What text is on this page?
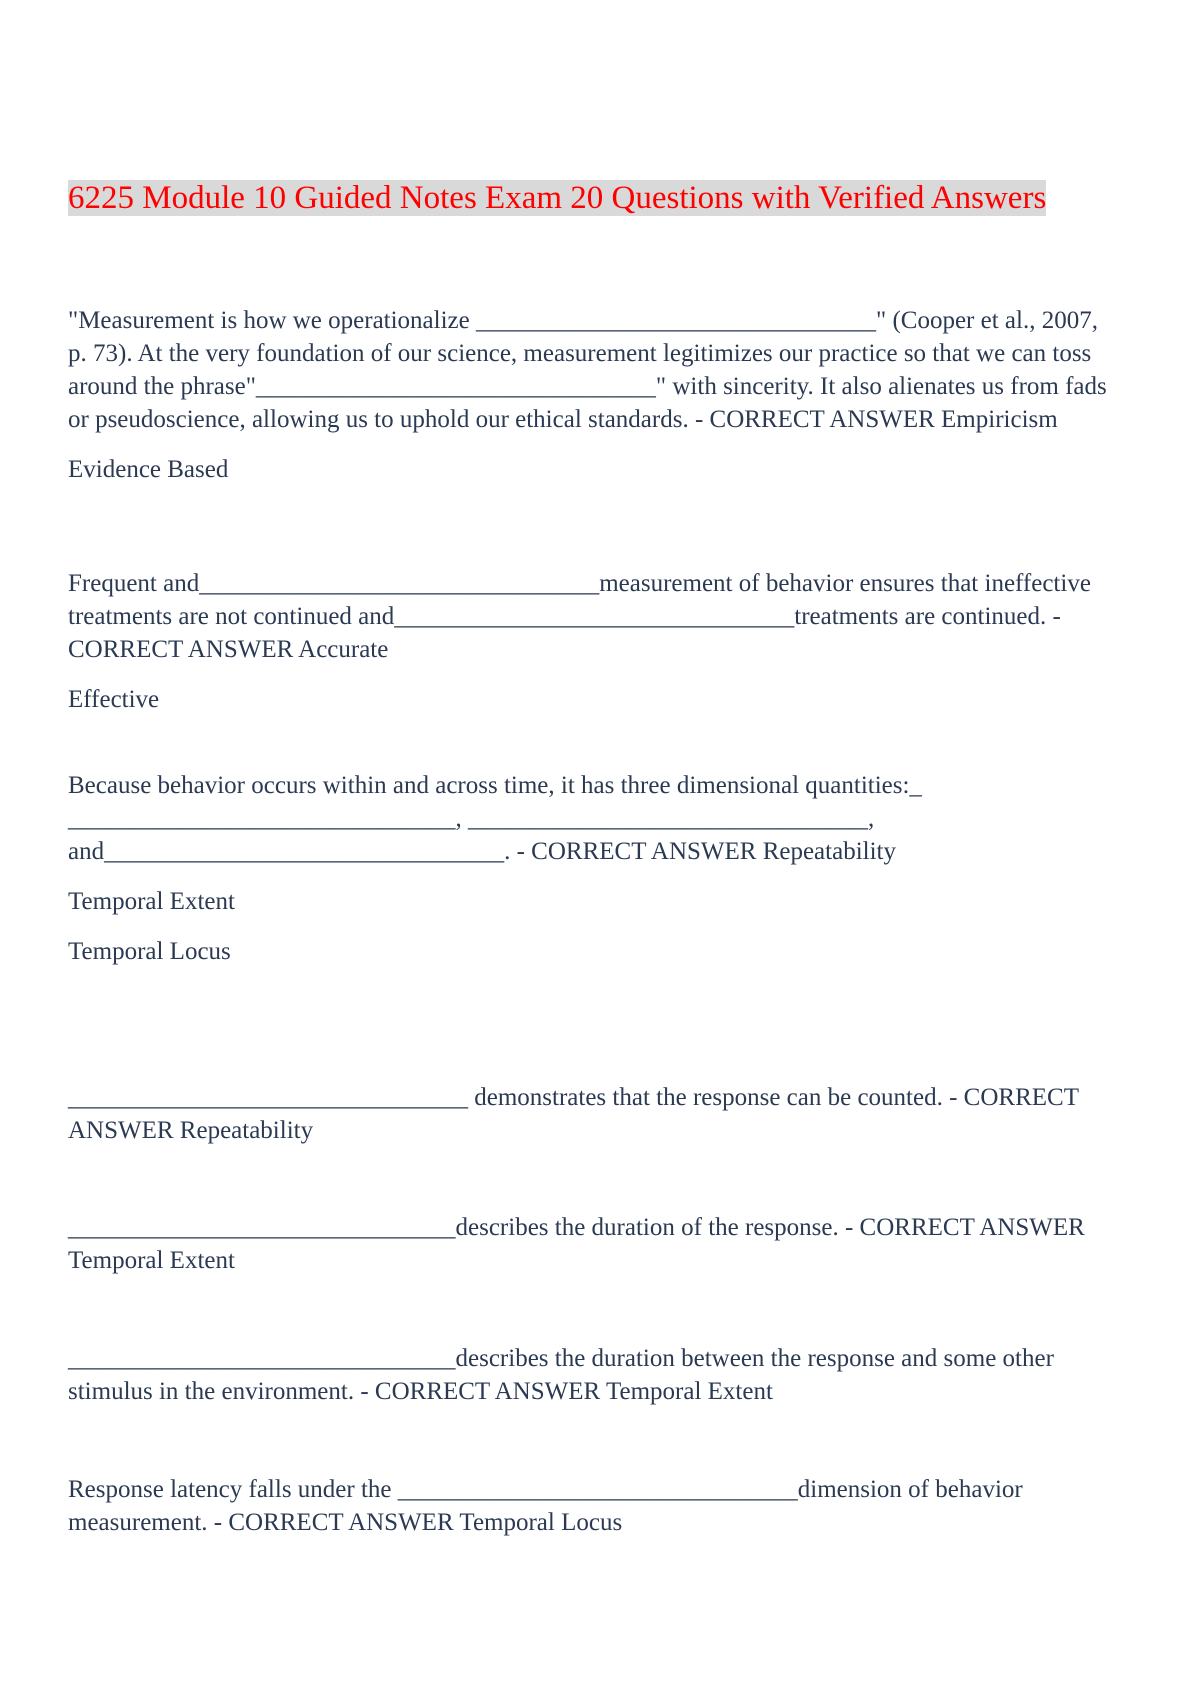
6225 Module 10 Guided Notes Exam 20 Questions with Verified Answers

"Measurement is how we operationalize ________________________________" (Cooper et al., 2007, p. 73). At the very foundation of our science, measurement legitimizes our practice so that we can toss around the phrase"________________________________" with sincerity. It also alienates us from fads or pseudoscience, allowing us to uphold our ethical standards. - CORRECT ANSWER Empiricism

Evidence Based

Frequent and________________________________measurement of behavior ensures that ineffective treatments are not continued and________________________________treatments are continued. - CORRECT ANSWER Accurate

Effective

Because behavior occurs within and across time, it has three dimensional quantities:_ _______________________________, ________________________________, and________________________________. - CORRECT ANSWER Repeatability

Temporal Extent

Temporal Locus

________________________________ demonstrates that the response can be counted. - CORRECT ANSWER Repeatability

_______________________________describes the duration of the response. - CORRECT ANSWER Temporal Extent

_______________________________describes the duration between the response and some other stimulus in the environment. - CORRECT ANSWER Temporal Extent

Response latency falls under the ________________________________dimension of behavior measurement. - CORRECT ANSWER Temporal Locus
